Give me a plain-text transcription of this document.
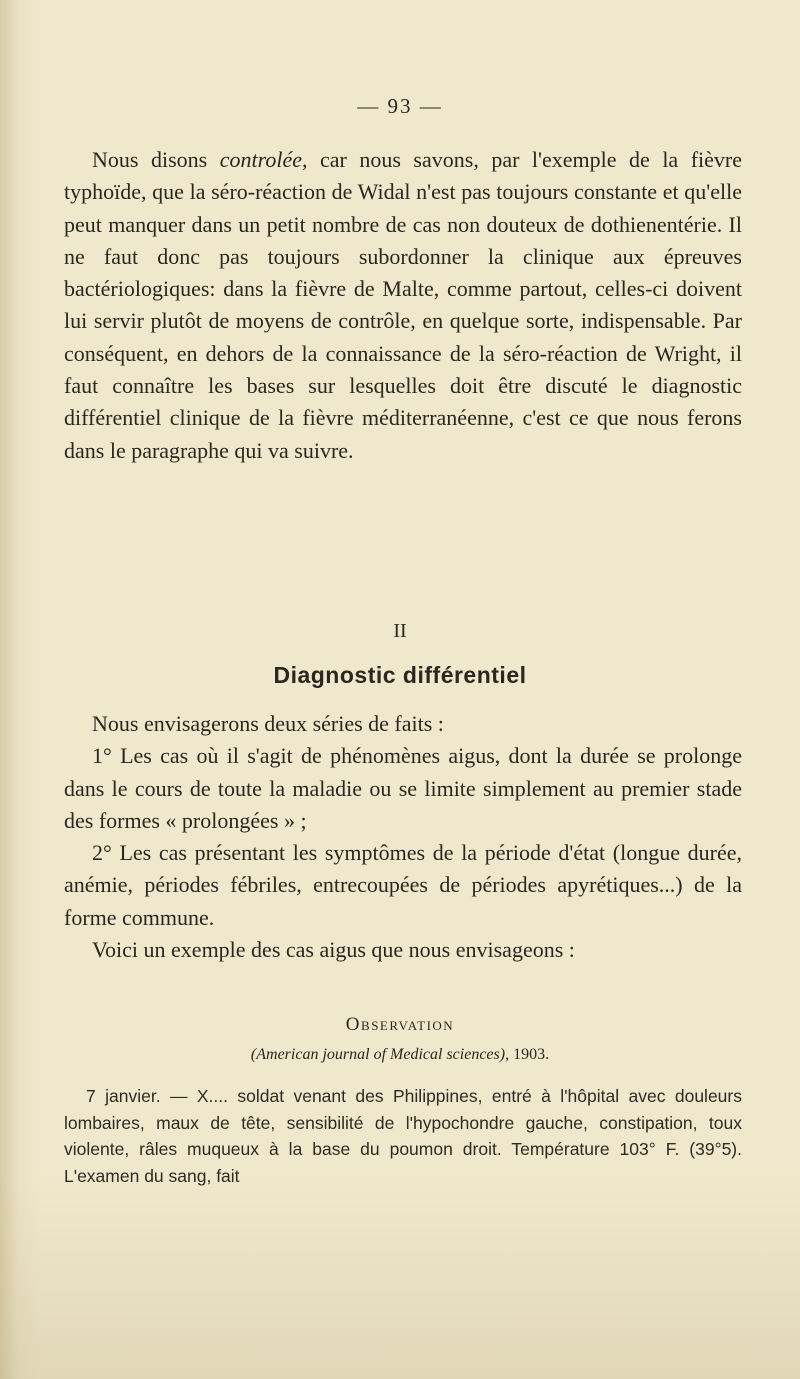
— 93 —

Nous disons controlée, car nous savons, par l'exemple de la fièvre typhoïde, que la séro-réaction de Widal n'est pas toujours constante et qu'elle peut manquer dans un petit nombre de cas non douteux de dothienentérie. Il ne faut donc pas toujours subordonner la clinique aux épreuves bactériologiques: dans la fièvre de Malte, comme partout, celles-ci doivent lui servir plutôt de moyens de contrôle, en quelque sorte, indispensable. Par conséquent, en dehors de la connaissance de la séro-réaction de Wright, il faut connaître les bases sur lesquelles doit être discuté le diagnostic différentiel clinique de la fièvre méditerranéenne, c'est ce que nous ferons dans le paragraphe qui va suivre.

II
Diagnostic différentiel
Nous envisagerons deux séries de faits :
1° Les cas où il s'agit de phénomènes aigus, dont la durée se prolonge dans le cours de toute la maladie ou se limite simplement au premier stade des formes « prolongées » ;
2° Les cas présentant les symptômes de la période d'état (longue durée, anémie, périodes fébriles, entrecoupées de périodes apyrétiques...) de la forme commune.
Voici un exemple des cas aigus que nous envisageons :
Observation
(American journal of Medical sciences), 1903.

7 janvier. — X.... soldat venant des Philippines, entré à l'hôpital avec douleurs lombaires, maux de tête, sensibilité de l'hypochondre gauche, constipation, toux violente, râles muqueux à la base du poumon droit. Température 103° F. (39°5). L'examen du sang, fait
